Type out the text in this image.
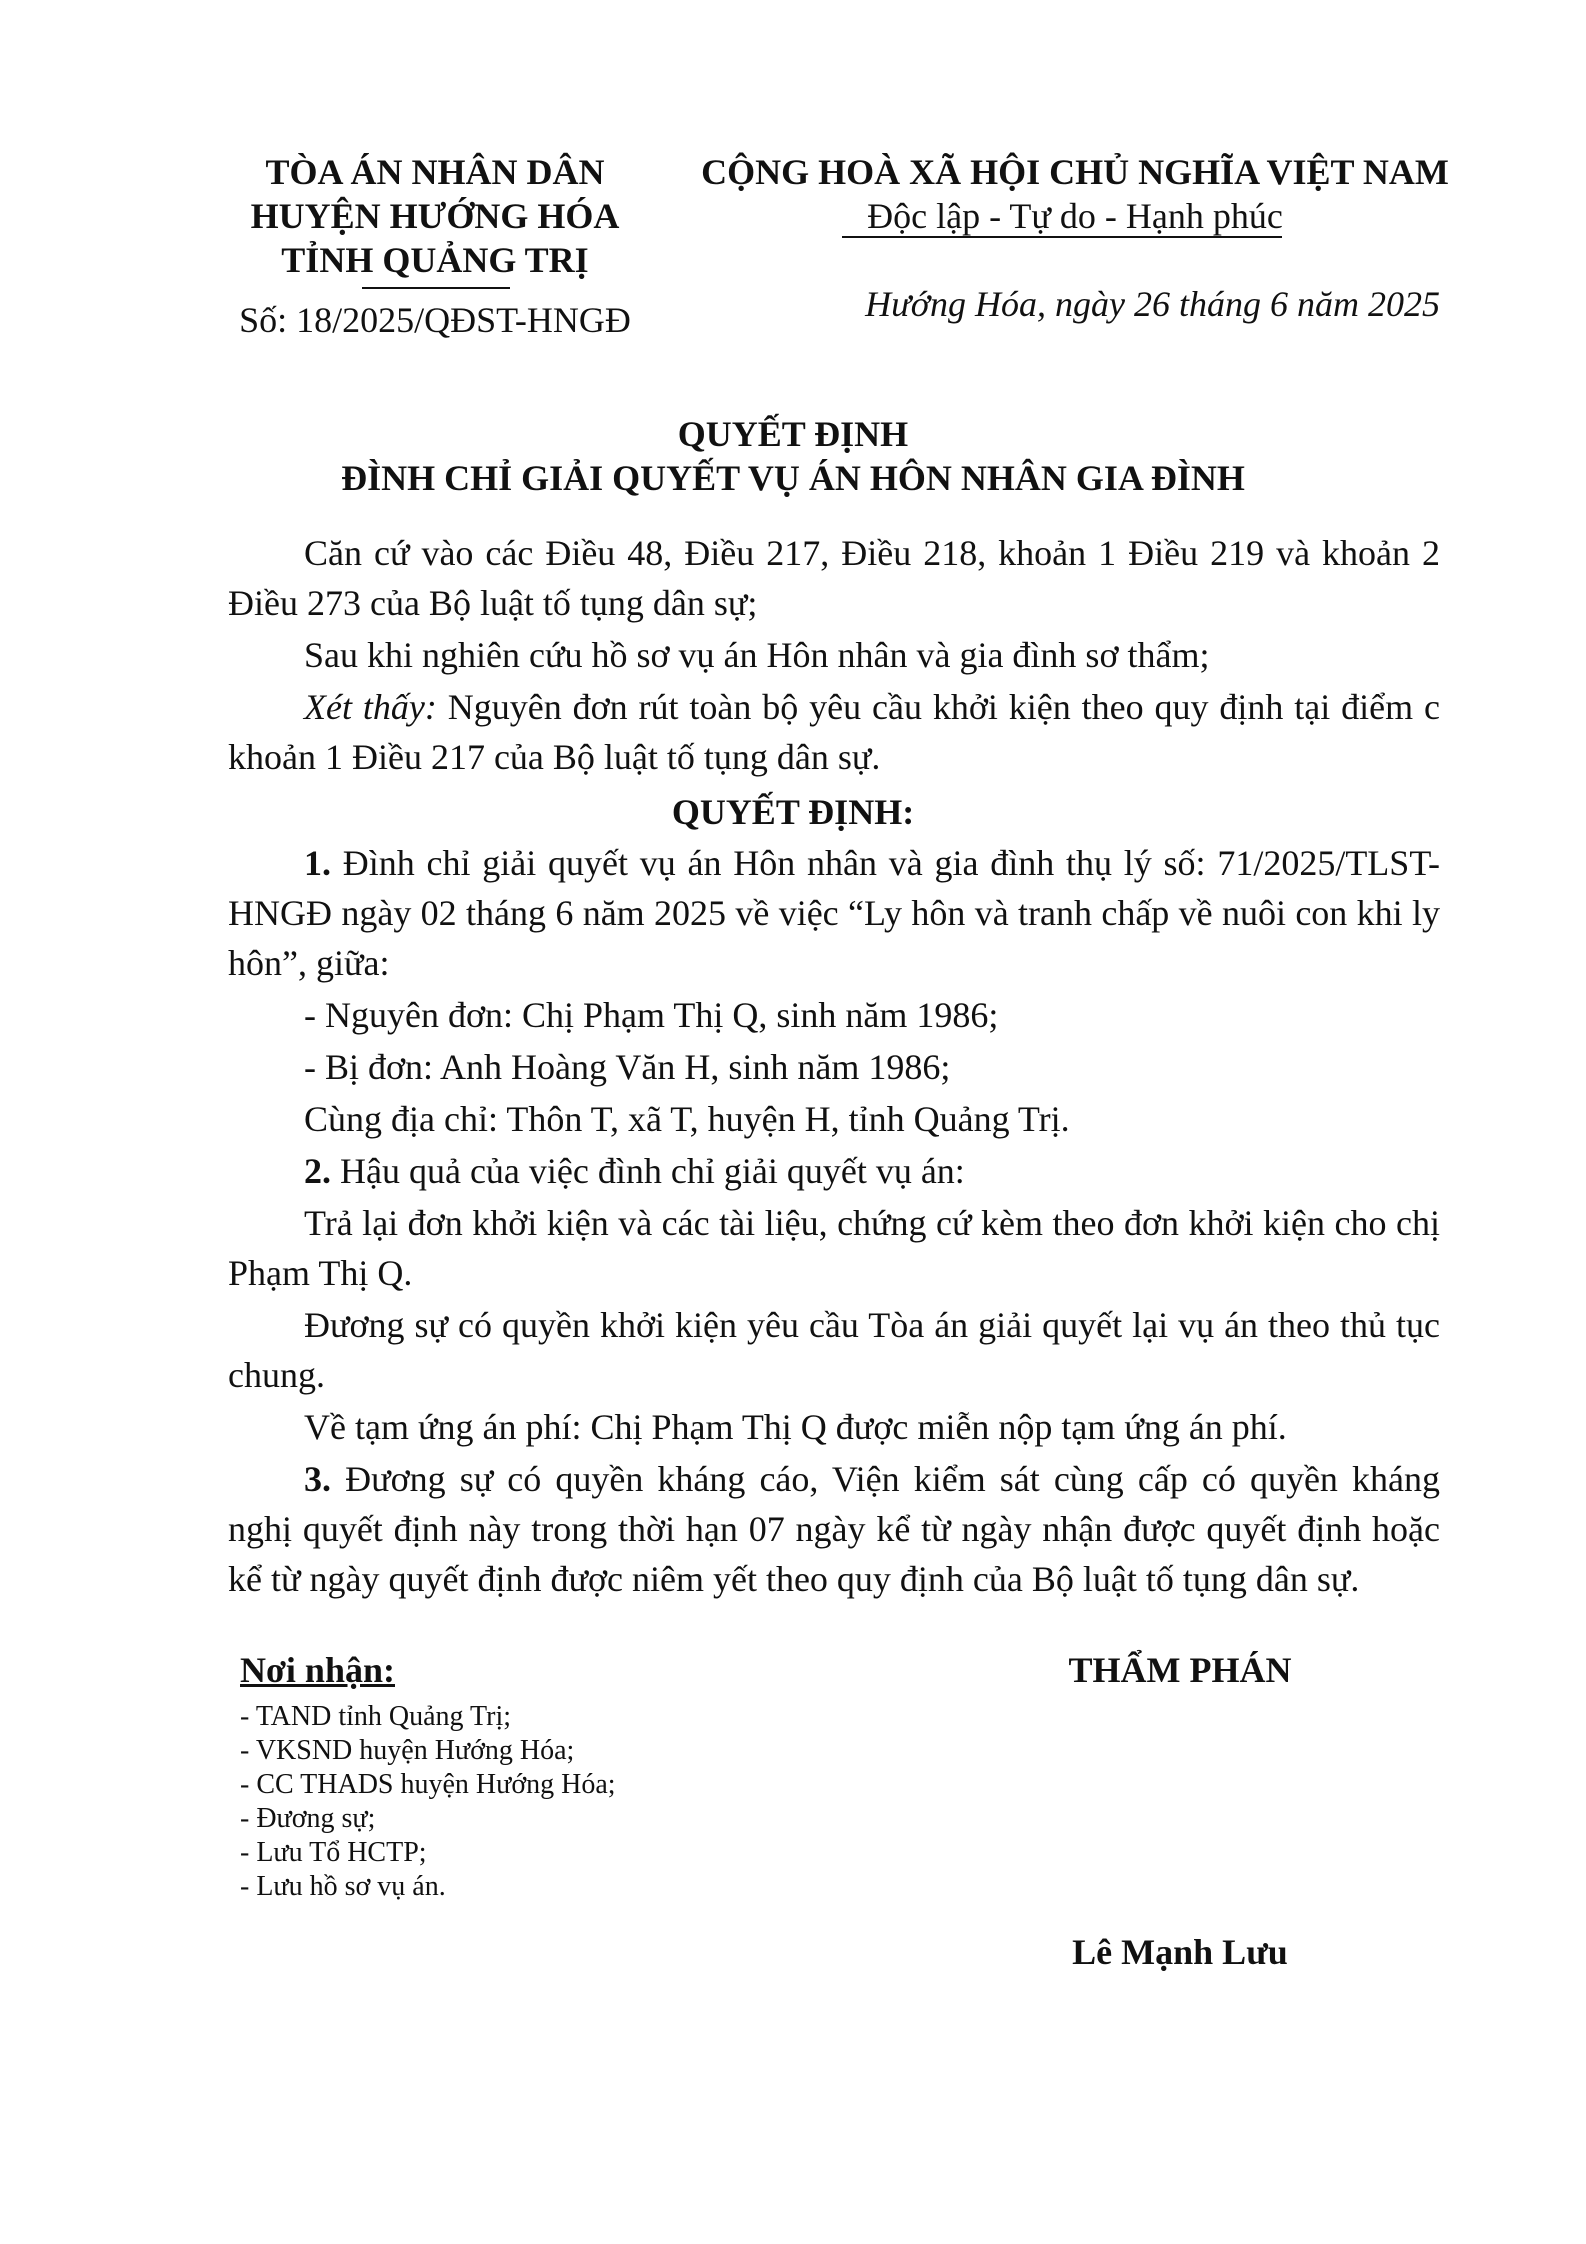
TÒA ÁN NHÂN DÂN
HUYỆN HƯỚNG HÓA
TỈNH QUẢNG TRỊ
Số: 18/2025/QĐST-HNGĐ
CỘNG HOÀ XÃ HỘI CHỦ NGHĨA VIỆT NAM
Độc lập - Tự do - Hạnh phúc
Hướng Hóa, ngày 26 tháng 6 năm 2025
QUYẾT ĐỊNH
ĐÌNH CHỈ GIẢI QUYẾT VỤ ÁN HÔN NHÂN GIA ĐÌNH
Căn cứ vào các Điều 48, Điều 217, Điều 218, khoản 1 Điều 219 và khoản 2 Điều 273 của Bộ luật tố tụng dân sự;
Sau khi nghiên cứu hồ sơ vụ án Hôn nhân và gia đình sơ thẩm;
Xét thấy: Nguyên đơn rút toàn bộ yêu cầu khởi kiện theo quy định tại điểm c khoản 1 Điều 217 của Bộ luật tố tụng dân sự.
QUYẾT ĐỊNH:
1. Đình chỉ giải quyết vụ án Hôn nhân và gia đình thụ lý số: 71/2025/TLST- HNGĐ ngày 02 tháng 6 năm 2025 về việc “Ly hôn và tranh chấp về nuôi con khi ly hôn”, giữa:
- Nguyên đơn: Chị Phạm Thị Q, sinh năm 1986;
- Bị đơn: Anh Hoàng Văn H, sinh năm 1986;
Cùng địa chỉ: Thôn T, xã T, huyện H, tỉnh Quảng Trị.
2. Hậu quả của việc đình chỉ giải quyết vụ án:
Trả lại đơn khởi kiện và các tài liệu, chứng cứ kèm theo đơn khởi kiện cho chị Phạm Thị Q.
Đương sự có quyền khởi kiện yêu cầu Tòa án giải quyết lại vụ án theo thủ tục chung.
Về tạm ứng án phí: Chị Phạm Thị Q được miễn nộp tạm ứng án phí.
3. Đương sự có quyền kháng cáo, Viện kiểm sát cùng cấp có quyền kháng nghị quyết định này trong thời hạn 07 ngày kể từ ngày nhận được quyết định hoặc kể từ ngày quyết định được niêm yết theo quy định của Bộ luật tố tụng dân sự.
Nơi nhận:
- TAND tỉnh Quảng Trị;
- VKSND huyện Hướng Hóa;
- CC THADS huyện Hướng Hóa;
- Đương sự;
- Lưu Tổ HCTP;
- Lưu hồ sơ vụ án.
THẨM PHÁN
Lê Mạnh Lưu
